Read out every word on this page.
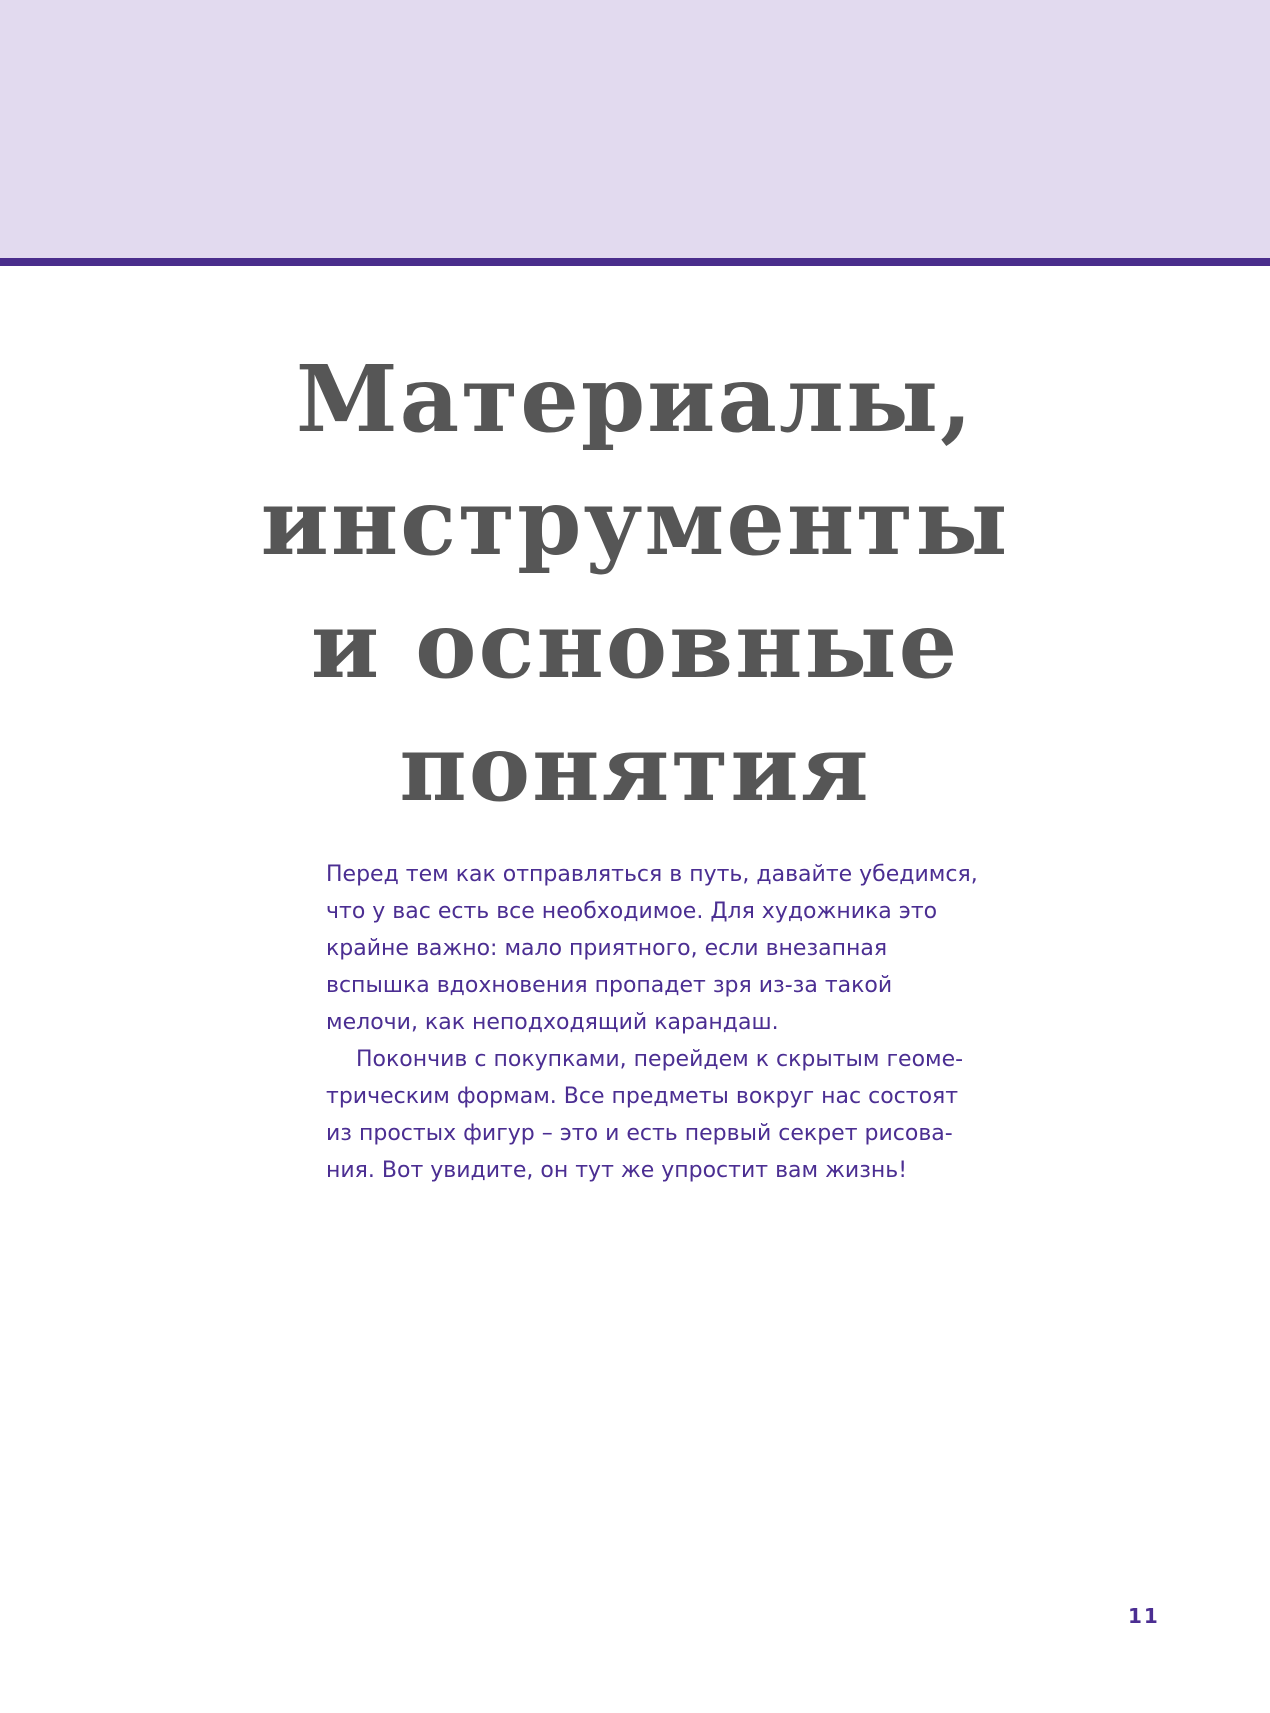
Материалы,
инструменты
и основные
понятия
Перед тем как отправляться в путь, давайте убедимся,
что у вас есть все необходимое. Для художника это
крайне важно: мало приятного, если внезапная
вспышка вдохновения пропадет зря из-за такой
мелочи, как неподходящий карандаш.
Покончив с покупками, перейдем к скрытым геоме-
трическим формам. Все предметы вокруг нас состоят
из простых фигур – это и есть первый секрет рисова-
ния. Вот увидите, он тут же упростит вам жизнь!
11
